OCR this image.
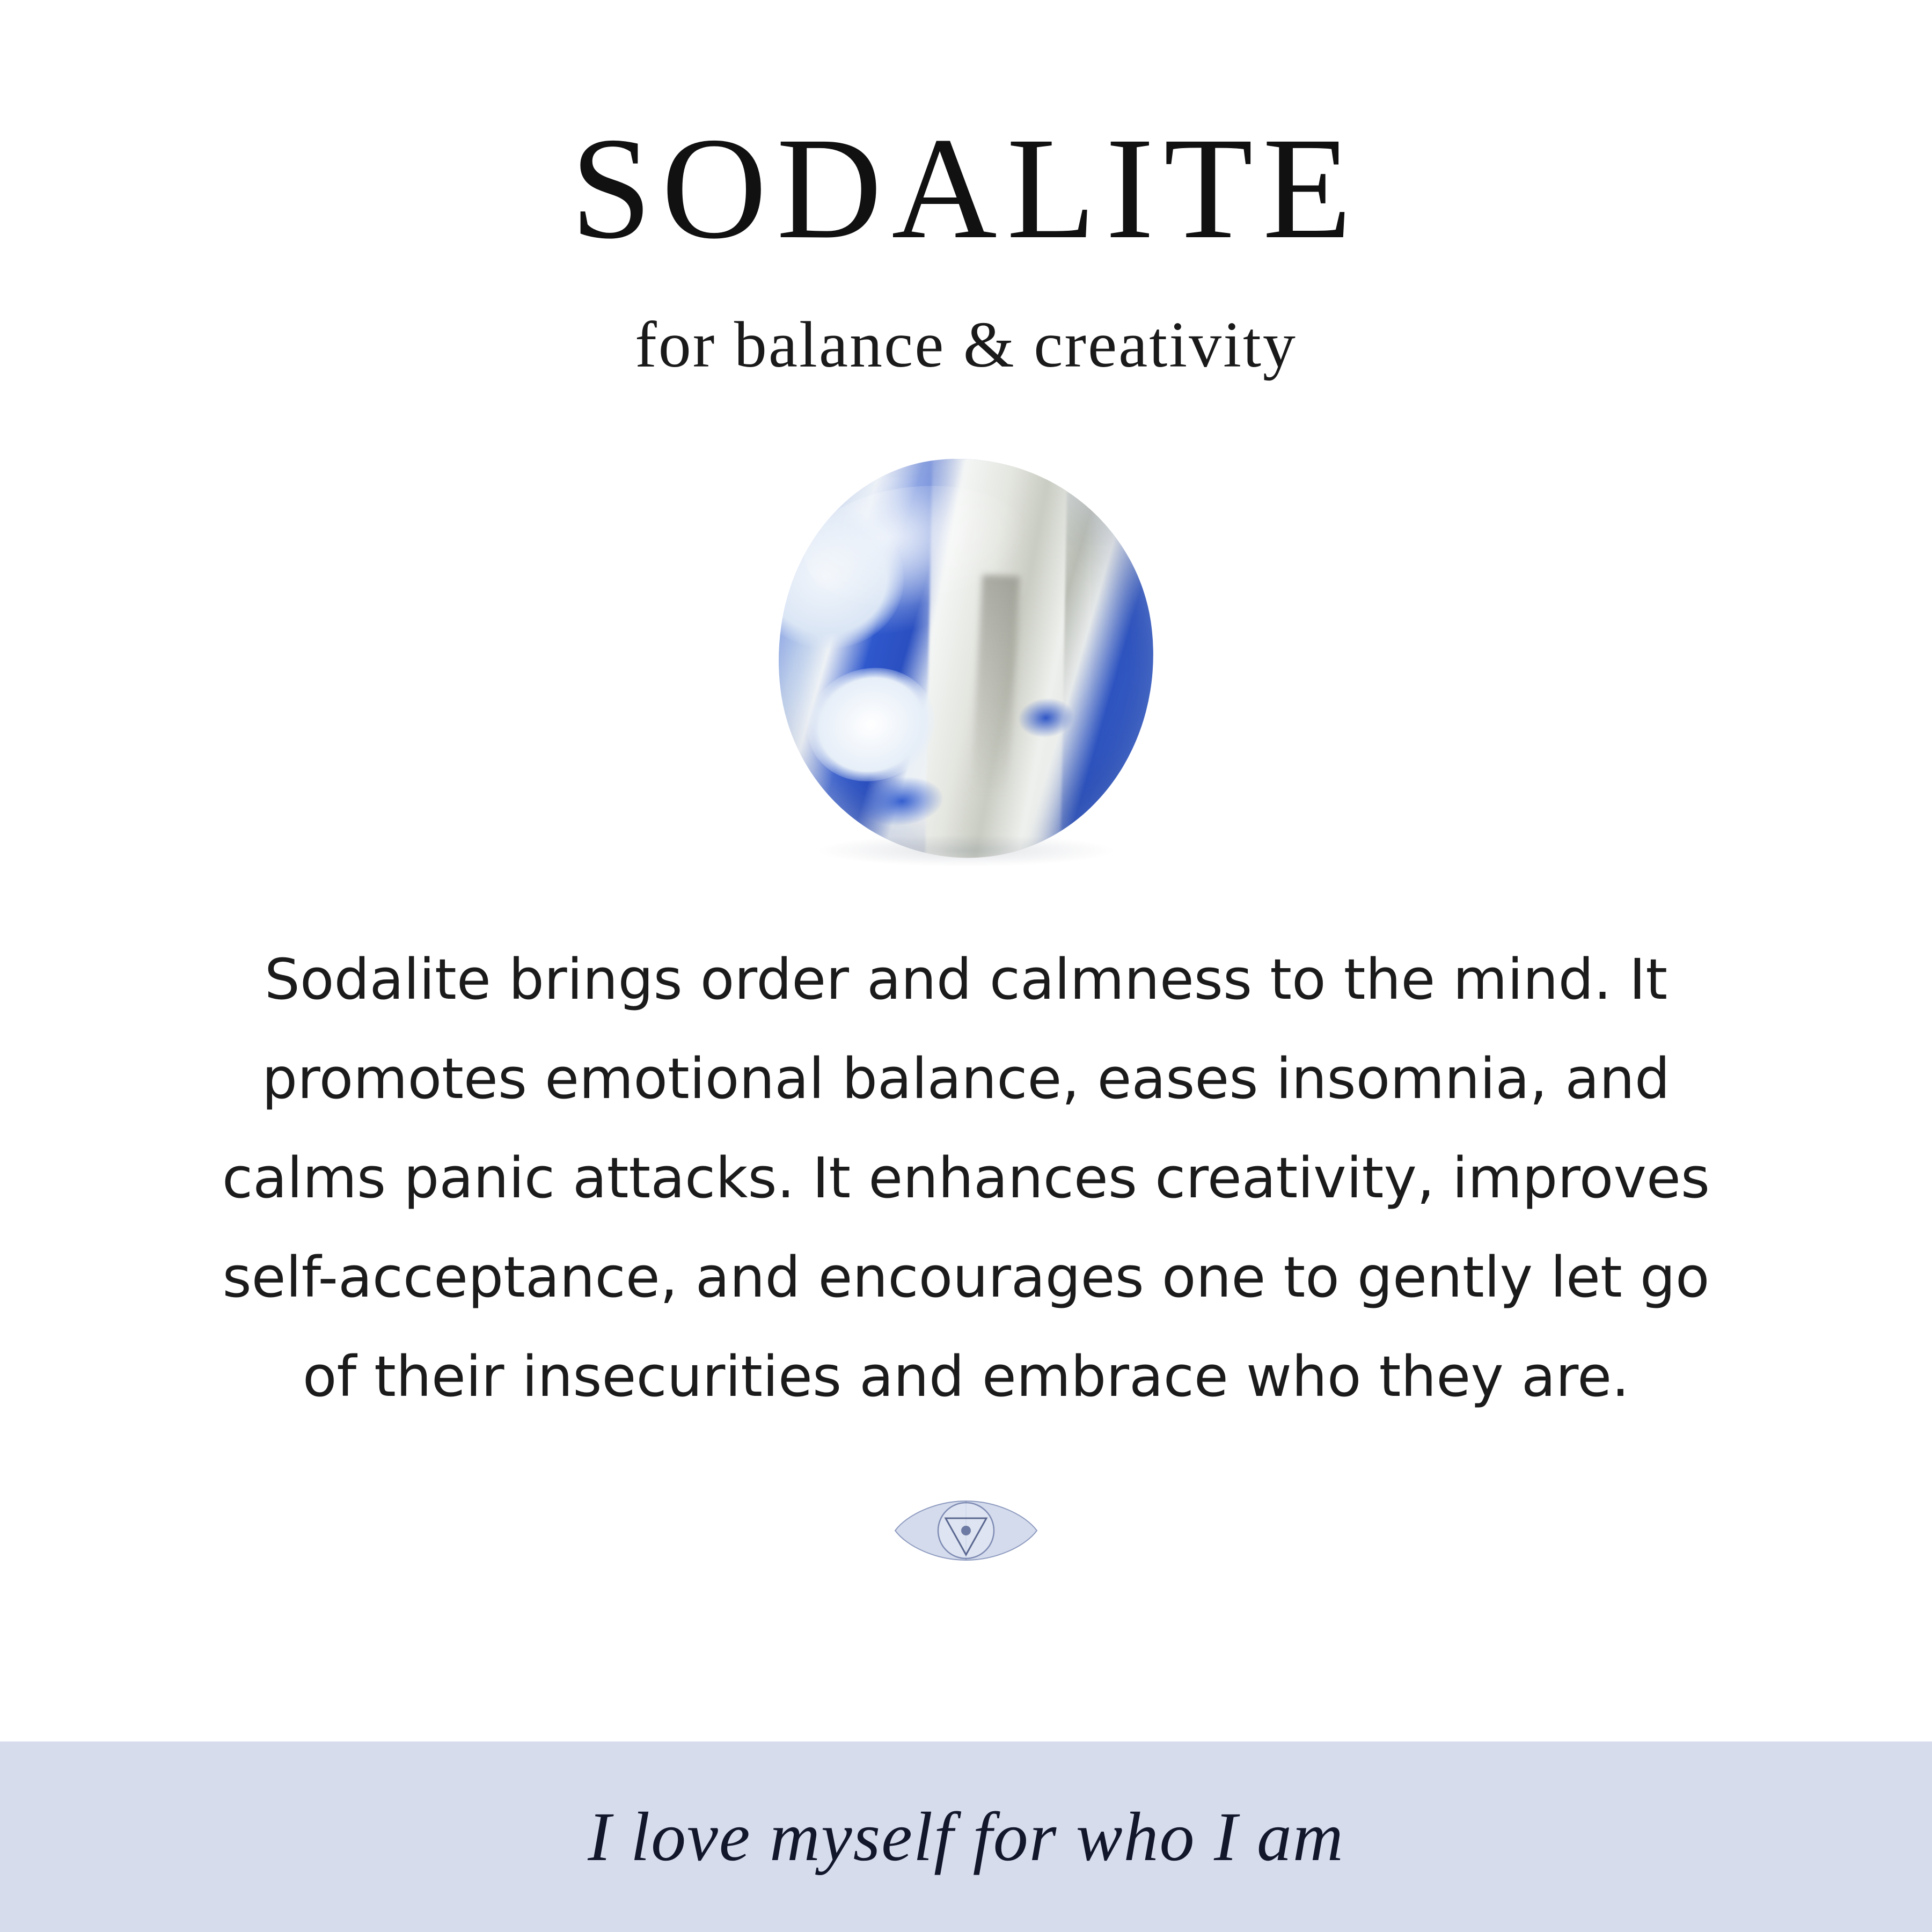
SODALITE
for balance & creativity
Sodalite brings order and calmness to the mind. It promotes emotional balance, eases insomnia, and calms panic attacks. It enhances creativity, improves self-acceptance, and encourages one to gently let go of their insecurities and embrace who they are.
I love myself for who I am
